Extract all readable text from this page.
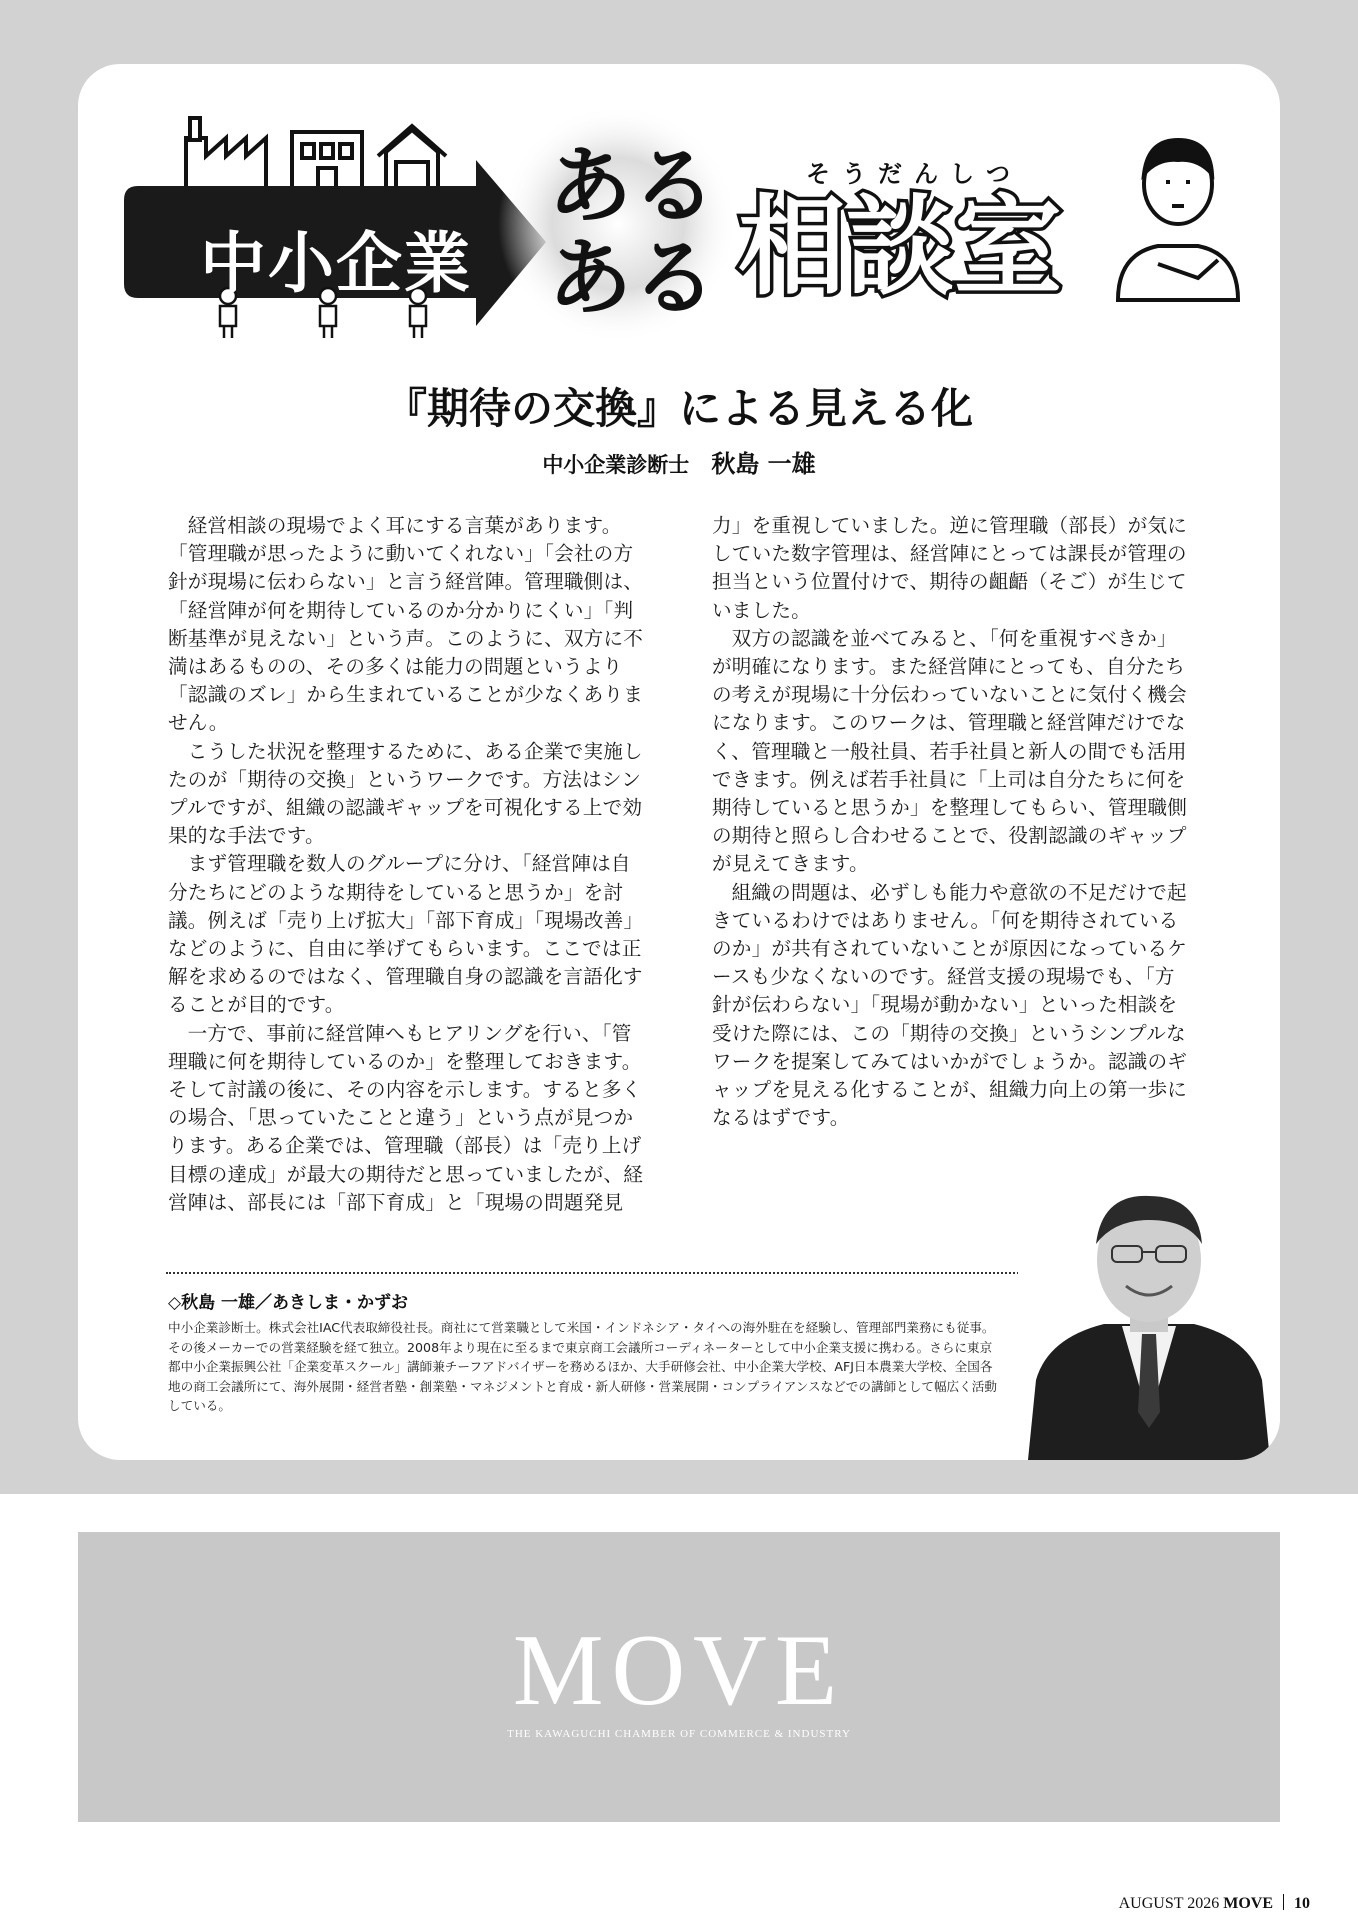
中小企業
ある
ある
そうだんしつ
相談室
『期待の交換』による見える化
中小企業診断士 秋島 一雄

経営相談の現場でよく耳にする言葉があります。「管理職が思ったように動いてくれない」「会社の方針が現場に伝わらない」と言う経営陣。管理職側は、「経営陣が何を期待しているのか分かりにくい」「判断基準が見えない」という声。このように、双方に不満はあるものの、その多くは能力の問題というより「認識のズレ」から生まれていることが少なくありません。

こうした状況を整理するために、ある企業で実施したのが「期待の交換」というワークです。方法はシンプルですが、組織の認識ギャップを可視化する上で効果的な手法です。

まず管理職を数人のグループに分け、「経営陣は自分たちにどのような期待をしていると思うか」を討議。例えば「売り上げ拡大」「部下育成」「現場改善」などのように、自由に挙げてもらいます。ここでは正解を求めるのではなく、管理職自身の認識を言語化することが目的です。

一方で、事前に経営陣へもヒアリングを行い、「管理職に何を期待しているのか」を整理しておきます。そして討議の後に、その内容を示します。すると多くの場合、「思っていたことと違う」という点が見つかります。ある企業では、管理職（部長）は「売り上げ目標の達成」が最大の期待だと思っていましたが、経営陣は、部長には「部下育成」と「現場の問題発見

力」を重視していました。逆に管理職（部長）が気にしていた数字管理は、経営陣にとっては課長が管理の担当という位置付けで、期待の齟齬（そご）が生じていました。

双方の認識を並べてみると、「何を重視すべきか」が明確になります。また経営陣にとっても、自分たちの考えが現場に十分伝わっていないことに気付く機会になります。このワークは、管理職と経営陣だけでなく、管理職と一般社員、若手社員と新人の間でも活用できます。例えば若手社員に「上司は自分たちに何を期待していると思うか」を整理してもらい、管理職側の期待と照らし合わせることで、役割認識のギャップが見えてきます。

組織の問題は、必ずしも能力や意欲の不足だけで起きているわけではありません。「何を期待されているのか」が共有されていないことが原因になっているケースも少なくないのです。経営支援の現場でも、「方針が伝わらない」「現場が動かない」といった相談を受けた際には、この「期待の交換」というシンプルなワークを提案してみてはいかがでしょうか。認識のギャップを見える化することが、組織力向上の第一歩になるはずです。

◇秋島 一雄／あきしま・かずお
中小企業診断士。株式会社IAC代表取締役社長。商社にて営業職として米国・インドネシア・タイへの海外駐在を経験し、管理部門業務にも従事。その後メーカーでの営業経験を経て独立。2008年より現在に至るまで東京商工会議所コーディネーターとして中小企業支援に携わる。さらに東京都中小企業振興公社「企業変革スクール」講師兼チーフアドバイザーを務めるほか、大手研修会社、中小企業大学校、AFJ日本農業大学校、全国各地の商工会議所にて、海外展開・経営者塾・創業塾・マネジメントと育成・新人研修・営業展開・コンプライアンスなどでの講師として幅広く活動している。
MOVE
THE KAWAGUCHI CHAMBER OF COMMERCE & INDUSTRY
AUGUST 2026 MOVE 10
